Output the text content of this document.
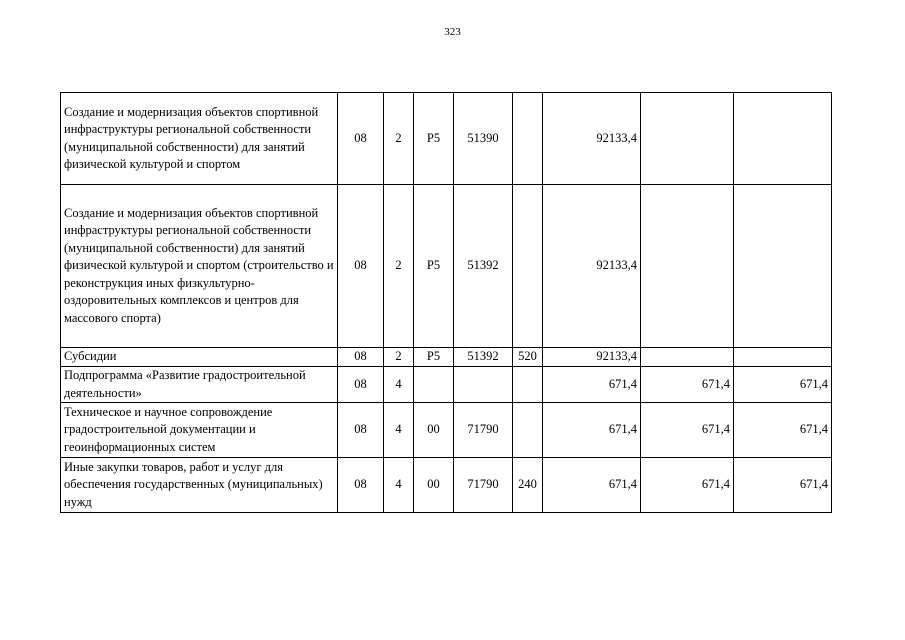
323
Создание и модернизация объектов спортивной инфраструктуры региональной собственности (муниципальной собственности) для занятий физической культурой и спортом	08	2	Р5	51390		92133,4		
Создание и модернизация объектов спортивной инфраструктуры региональной собственности (муниципальной собственности) для занятий физической культурой и спортом (строительство и реконструкция иных физкультурно-оздоровительных комплексов и центров для массового спорта)	08	2	Р5	51392		92133,4		
Субсидии	08	2	Р5	51392	520	92133,4		
Подпрограмма «Развитие градостроительной деятельности»	08	4				671,4	671,4	671,4
Техническое и научное сопровождение градостроительной документации и геоинформационных систем	08	4	00	71790		671,4	671,4	671,4
Иные закупки товаров, работ и услуг для обеспечения государственных (муниципальных) нужд	08	4	00	71790	240	671,4	671,4	671,4
